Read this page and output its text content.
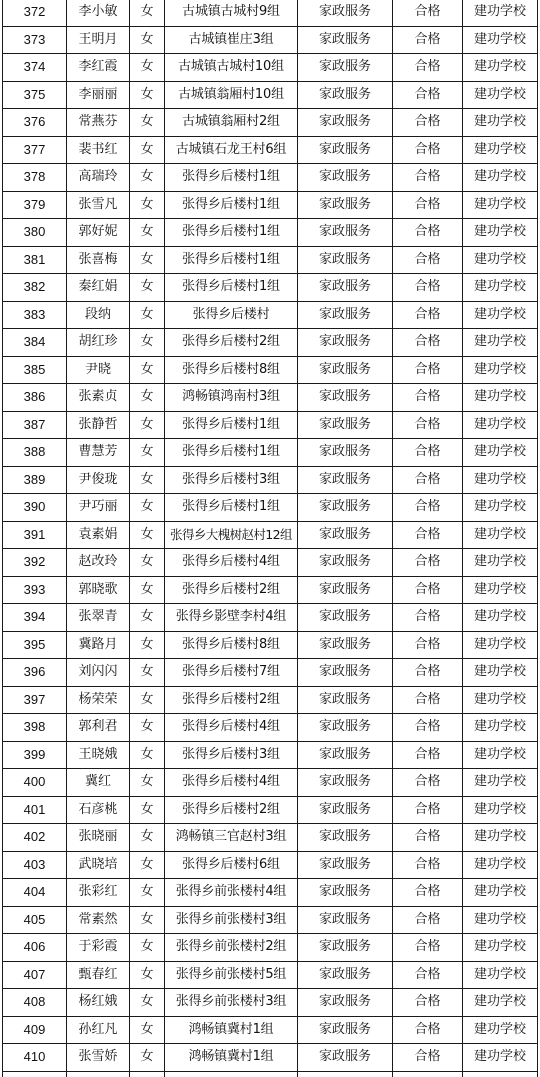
372	李小敏	女	古城镇古城村9组	家政服务	合格	建功学校
373	王明月	女	古城镇崔庄3组	家政服务	合格	建功学校
374	李红霞	女	古城镇古城村10组	家政服务	合格	建功学校
375	李丽丽	女	古城镇翁厢村10组	家政服务	合格	建功学校
376	常燕芬	女	古城镇翁厢村2组	家政服务	合格	建功学校
377	裴书红	女	古城镇石龙王村6组	家政服务	合格	建功学校
378	高瑞玲	女	张得乡后楼村1组	家政服务	合格	建功学校
379	张雪凡	女	张得乡后楼村1组	家政服务	合格	建功学校
380	郭好妮	女	张得乡后楼村1组	家政服务	合格	建功学校
381	张喜梅	女	张得乡后楼村1组	家政服务	合格	建功学校
382	秦红娟	女	张得乡后楼村1组	家政服务	合格	建功学校
383	段纳	女	张得乡后楼村	家政服务	合格	建功学校
384	胡红珍	女	张得乡后楼村2组	家政服务	合格	建功学校
385	尹晓	女	张得乡后楼村8组	家政服务	合格	建功学校
386	张素贞	女	鸿畅镇鸿南村3组	家政服务	合格	建功学校
387	张静哲	女	张得乡后楼村1组	家政服务	合格	建功学校
388	曹慧芳	女	张得乡后楼村1组	家政服务	合格	建功学校
389	尹俊珑	女	张得乡后楼村3组	家政服务	合格	建功学校
390	尹巧丽	女	张得乡后楼村1组	家政服务	合格	建功学校
391	袁素娟	女	张得乡大槐树赵村12组	家政服务	合格	建功学校
392	赵改玲	女	张得乡后楼村4组	家政服务	合格	建功学校
393	郭晓歌	女	张得乡后楼村2组	家政服务	合格	建功学校
394	张翠青	女	张得乡影壁李村4组	家政服务	合格	建功学校
395	冀路月	女	张得乡后楼村8组	家政服务	合格	建功学校
396	刘闪闪	女	张得乡后楼村7组	家政服务	合格	建功学校
397	杨荣荣	女	张得乡后楼村2组	家政服务	合格	建功学校
398	郭利君	女	张得乡后楼村4组	家政服务	合格	建功学校
399	王晓娥	女	张得乡后楼村3组	家政服务	合格	建功学校
400	冀红	女	张得乡后楼村4组	家政服务	合格	建功学校
401	石彦桃	女	张得乡后楼村2组	家政服务	合格	建功学校
402	张晓丽	女	鸿畅镇三官赵村3组	家政服务	合格	建功学校
403	武晓培	女	张得乡后楼村6组	家政服务	合格	建功学校
404	张彩红	女	张得乡前张楼村4组	家政服务	合格	建功学校
405	常素然	女	张得乡前张楼村3组	家政服务	合格	建功学校
406	于彩霞	女	张得乡前张楼村2组	家政服务	合格	建功学校
407	甄春红	女	张得乡前张楼村5组	家政服务	合格	建功学校
408	杨红娥	女	张得乡前张楼村3组	家政服务	合格	建功学校
409	孙红凡	女	鸿畅镇冀村1组	家政服务	合格	建功学校
410	张雪娇	女	鸿畅镇冀村1组	家政服务	合格	建功学校
